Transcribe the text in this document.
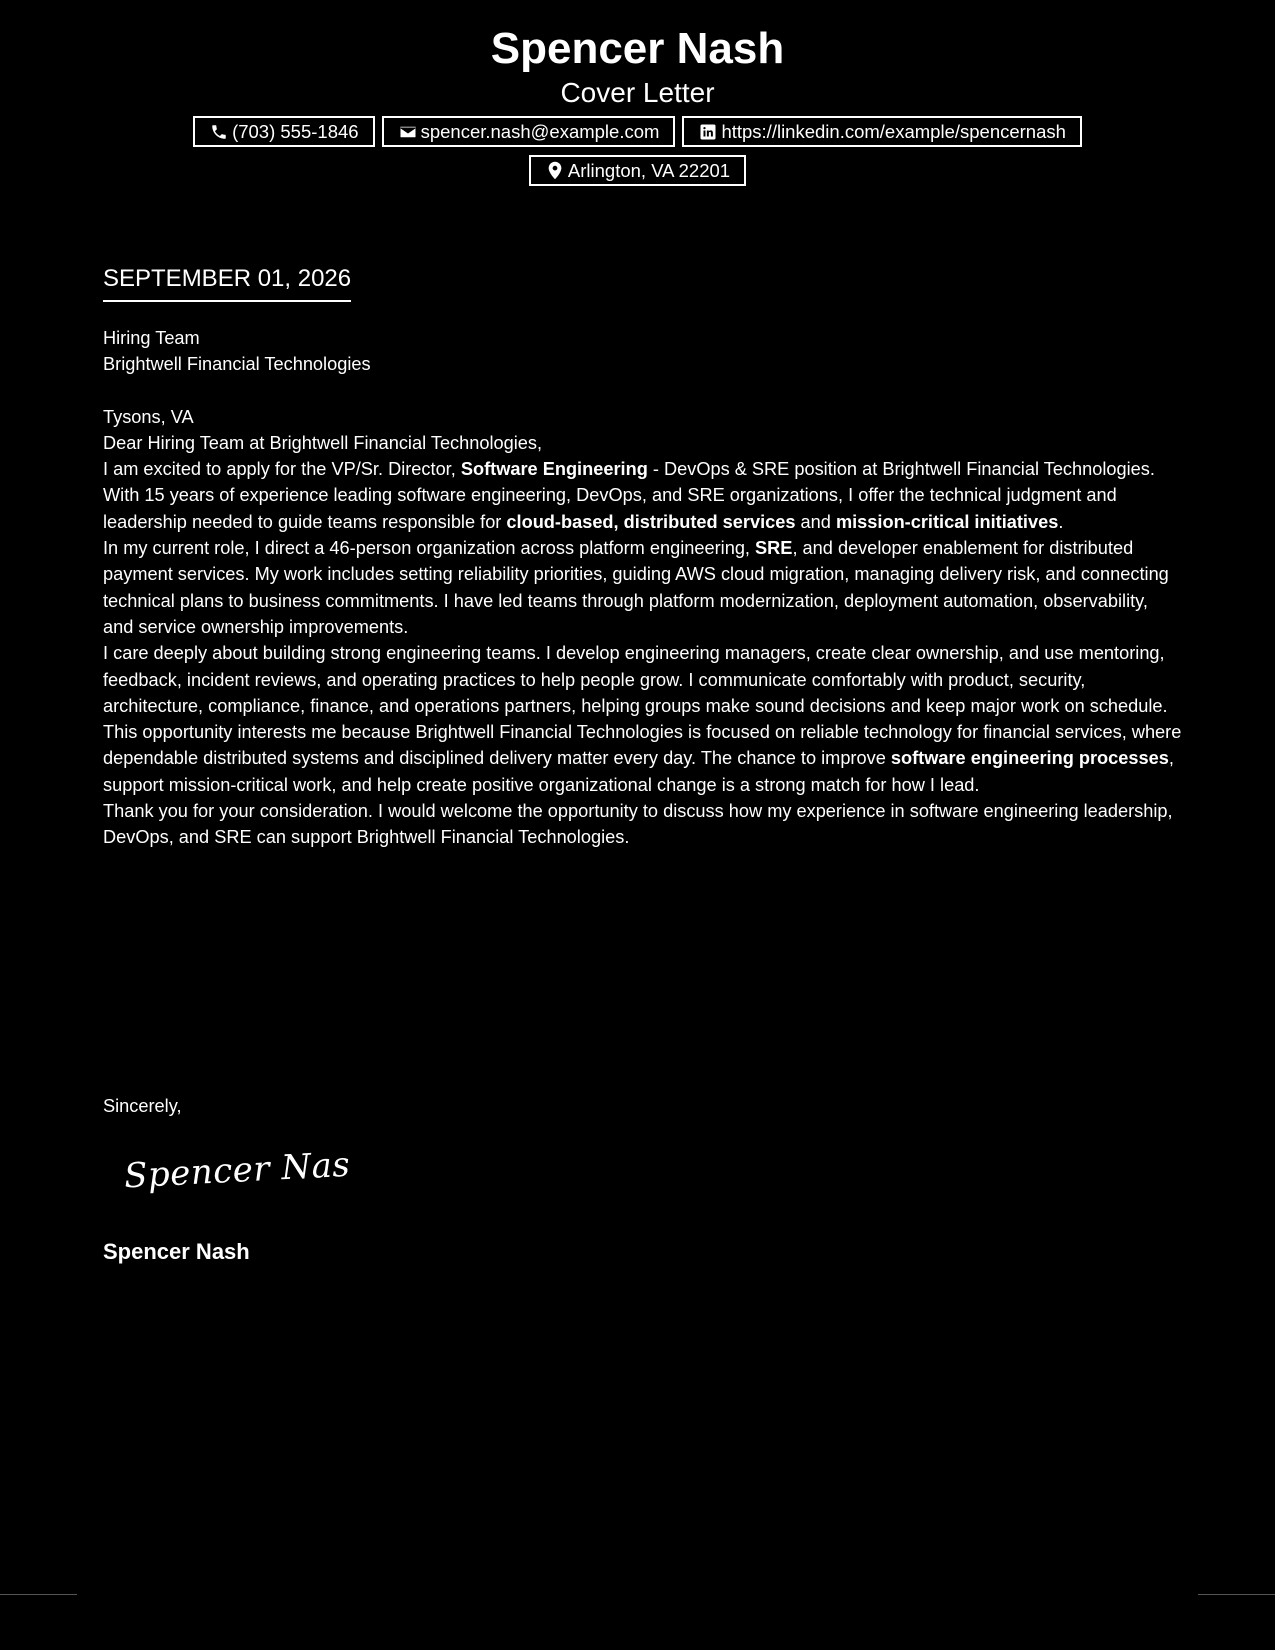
Spencer Nash
Cover Letter
(703) 555-1846	spencer.nash@example.com	https://linkedin.com/example/spencernash
Arlington, VA 22201
SEPTEMBER 01, 2026

Hiring Team

Brightwell Financial Technologies

Tysons, VA

Dear Hiring Team at Brightwell Financial Technologies,

I am excited to apply for the VP/Sr. Director, Software Engineering - DevOps & SRE position at Brightwell Financial Technologies. With 15 years of experience leading software engineering, DevOps, and SRE organizations, I offer the technical judgment and leadership needed to guide teams responsible for cloud-based, distributed services and mission-critical initiatives.

In my current role, I direct a 46-person organization across platform engineering, SRE, and developer enablement for distributed payment services. My work includes setting reliability priorities, guiding AWS cloud migration, managing delivery risk, and connecting technical plans to business commitments. I have led teams through platform modernization, deployment automation, observability, and service ownership improvements.

I care deeply about building strong engineering teams. I develop engineering managers, create clear ownership, and use mentoring, feedback, incident reviews, and operating practices to help people grow. I communicate comfortably with product, security, architecture, compliance, finance, and operations partners, helping groups make sound decisions and keep major work on schedule.

This opportunity interests me because Brightwell Financial Technologies is focused on reliable technology for financial services, where dependable distributed systems and disciplined delivery matter every day. The chance to improve software engineering processes, support mission-critical work, and help create positive organizational change is a strong match for how I lead.

Thank you for your consideration. I would welcome the opportunity to discuss how my experience in software engineering leadership, DevOps, and SRE can support Brightwell Financial Technologies.

Sincerely,
Spencer Nash
Spencer Nash
